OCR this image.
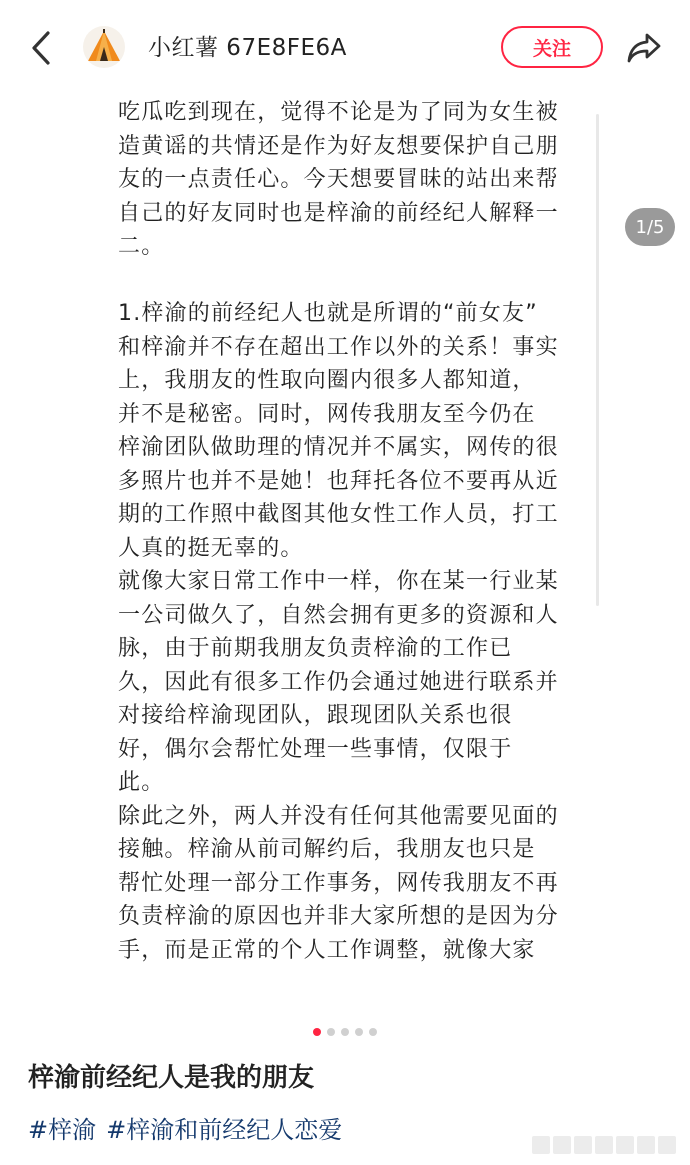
小红薯 67E8FE6A	关注

吃瓜吃到现在，觉得不论是为了同为女生被

造黄谣的共情还是作为好友想要保护自己朋

友的一点责任心。今天想要冒昧的站出来帮

自己的好友同时也是梓渝的前经纪人解释一

二。

1.梓渝的前经纪人也就是所谓的“前女友”

和梓渝并不存在超出工作以外的关系！事实

上，我朋友的性取向圈内很多人都知道，

并不是秘密。同时，网传我朋友至今仍在

梓渝团队做助理的情况并不属实，网传的很

多照片也并不是她！也拜托各位不要再从近

期的工作照中截图其他女性工作人员，打工

人真的挺无辜的。

就像大家日常工作中一样，你在某一行业某

一公司做久了，自然会拥有更多的资源和人

脉，由于前期我朋友负责梓渝的工作已

久，因此有很多工作仍会通过她进行联系并

对接给梓渝现团队，跟现团队关系也很

好，偶尔会帮忙处理一些事情，仅限于

此。

除此之外，两人并没有任何其他需要见面的

接触。梓渝从前司解约后，我朋友也只是

帮忙处理一部分工作事务，网传我朋友不再

负责梓渝的原因也并非大家所想的是因为分

手，而是正常的个人工作调整，就像大家

1/5
梓渝前经纪人是我的朋友
#梓渝 #梓渝和前经纪人恋爱
